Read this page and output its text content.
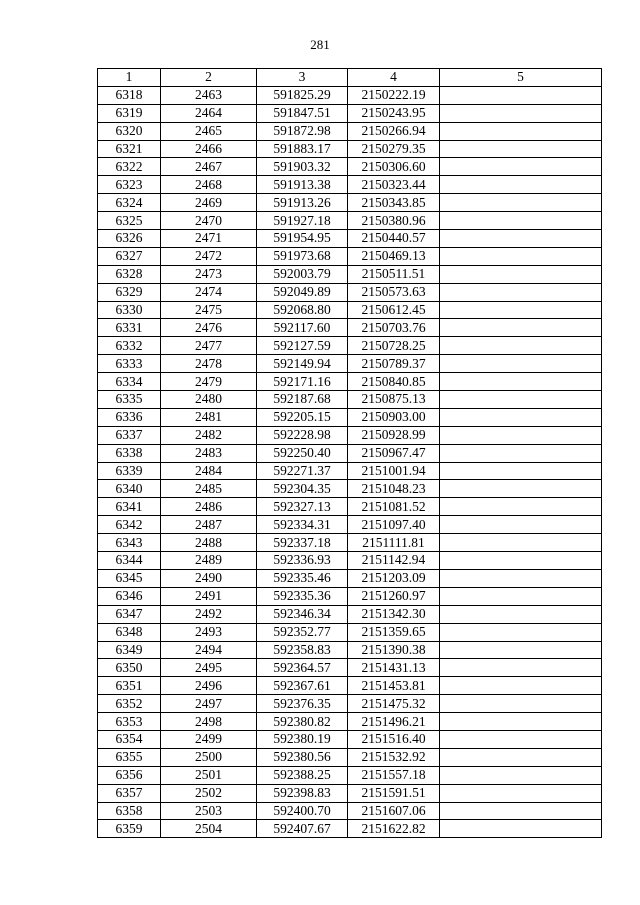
281
1	2	3	4	5
6318	2463	591825.29	2150222.19	
6319	2464	591847.51	2150243.95	
6320	2465	591872.98	2150266.94	
6321	2466	591883.17	2150279.35	
6322	2467	591903.32	2150306.60	
6323	2468	591913.38	2150323.44	
6324	2469	591913.26	2150343.85	
6325	2470	591927.18	2150380.96	
6326	2471	591954.95	2150440.57	
6327	2472	591973.68	2150469.13	
6328	2473	592003.79	2150511.51	
6329	2474	592049.89	2150573.63	
6330	2475	592068.80	2150612.45	
6331	2476	592117.60	2150703.76	
6332	2477	592127.59	2150728.25	
6333	2478	592149.94	2150789.37	
6334	2479	592171.16	2150840.85	
6335	2480	592187.68	2150875.13	
6336	2481	592205.15	2150903.00	
6337	2482	592228.98	2150928.99	
6338	2483	592250.40	2150967.47	
6339	2484	592271.37	2151001.94	
6340	2485	592304.35	2151048.23	
6341	2486	592327.13	2151081.52	
6342	2487	592334.31	2151097.40	
6343	2488	592337.18	2151111.81	
6344	2489	592336.93	2151142.94	
6345	2490	592335.46	2151203.09	
6346	2491	592335.36	2151260.97	
6347	2492	592346.34	2151342.30	
6348	2493	592352.77	2151359.65	
6349	2494	592358.83	2151390.38	
6350	2495	592364.57	2151431.13	
6351	2496	592367.61	2151453.81	
6352	2497	592376.35	2151475.32	
6353	2498	592380.82	2151496.21	
6354	2499	592380.19	2151516.40	
6355	2500	592380.56	2151532.92	
6356	2501	592388.25	2151557.18	
6357	2502	592398.83	2151591.51	
6358	2503	592400.70	2151607.06	
6359	2504	592407.67	2151622.82	
